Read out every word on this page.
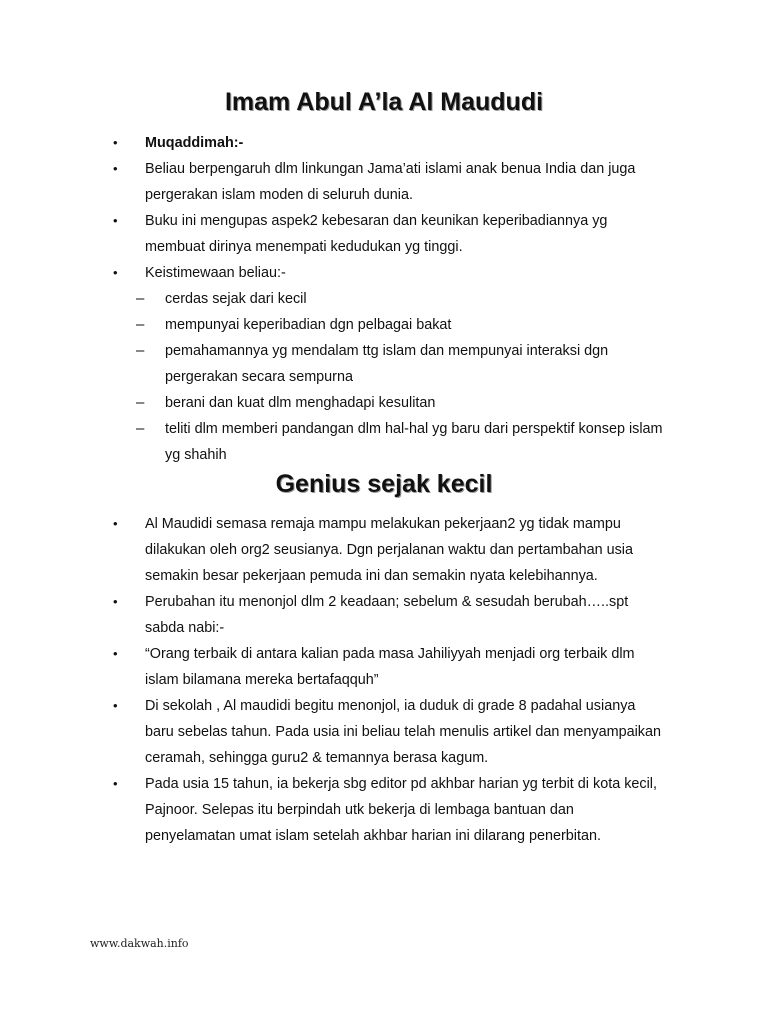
Imam Abul A’la Al Maududi
• Muqaddimah:-
• Beliau berpengaruh dlm linkungan Jama’ati islami anak benua India dan juga pergerakan islam moden di seluruh dunia.
• Buku ini mengupas aspek2 kebesaran dan keunikan keperibadiannya yg membuat dirinya menempati kedudukan yg tinggi.
• Keistimewaan beliau:-
– cerdas sejak dari kecil
– mempunyai keperibadian dgn pelbagai bakat
– pemahamannya yg mendalam ttg islam dan mempunyai interaksi dgn pergerakan secara sempurna
– berani dan kuat dlm menghadapi kesulitan
– teliti dlm memberi pandangan dlm hal-hal yg baru dari perspektif konsep islam yg shahih
Genius sejak kecil
• Al Maudidi semasa remaja mampu melakukan pekerjaan2 yg tidak mampu dilakukan oleh org2 seusianya. Dgn perjalanan waktu dan pertambahan usia semakin besar pekerjaan pemuda ini dan semakin nyata kelebihannya.
• Perubahan itu menonjol dlm 2 keadaan; sebelum & sesudah berubah…..spt sabda nabi:-
• “Orang terbaik di antara kalian pada masa Jahiliyyah menjadi org terbaik dlm islam bilamana mereka bertafaqquh”
• Di sekolah , Al maudidi begitu menonjol, ia duduk di grade 8 padahal usianya baru sebelas tahun. Pada usia ini beliau telah menulis artikel dan menyampaikan ceramah, sehingga guru2 & temannya berasa kagum.
• Pada usia 15 tahun, ia bekerja sbg editor pd akhbar harian yg terbit di kota kecil, Pajnoor. Selepas itu berpindah utk bekerja di lembaga bantuan dan penyelamatan umat islam setelah akhbar harian ini dilarang penerbitan.
www.dakwah.info
